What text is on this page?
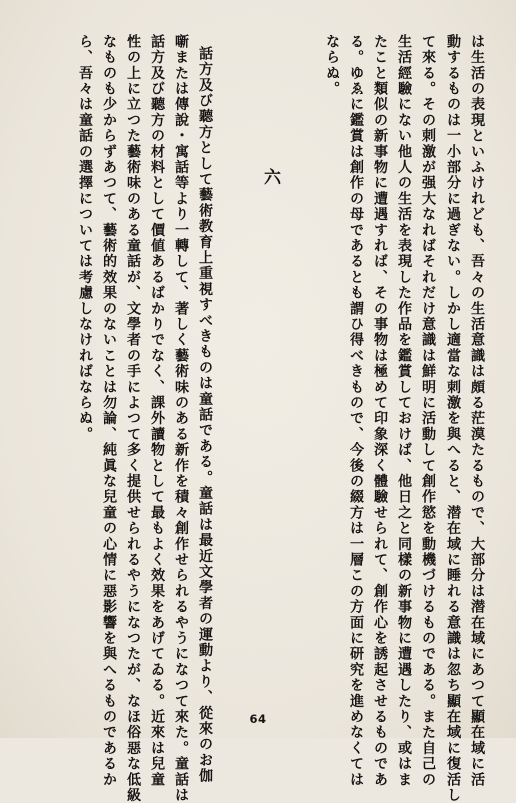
は生活の表現といふけれども、吾々の生活意識は頗る茫漠たるもので、大部分は潜在域にあつて顯在域に活
動するものは一小部分に過ぎない。しかし適當な刺激を與へると、潜在域に睡れる意識は忽ち顯在域に復活し
て來る。その刺激が强大なればそれだけ意識は鮮明に活動して創作慾を動機づけるものである。また自己の
生活經驗にない他人の生活を表現した作品を鑑賞しておけば、他日之と同樣の新事物に遭遇したり、或はま
たこと類似の新事物に遭遇すれば、その事物は極めて印象深く體驗せられて、創作心を誘起させるものであ
る。ゆゑに鑑賞は創作の母であるとも謂ひ得べきもので、今後の綴方は一層この方面に研究を進めなくては
ならぬ。
六
話方及び聽方として藝術教育上重視すべきものは童話である。童話は最近文學者の運動より、從來のお伽
噺または傳說・寓話等より一轉して、著しく藝術味のある新作を積々創作せられるやうになつて來た。童話は
話方及び聽方の材料として價値あるばかりでなく、課外讀物として最もよく效果をあげてゐる。近來は兒童
性の上に立つた藝術味のある童話が、文學者の手によつて多く提供せられるやうになつたが、なほ俗惡な低級
なものも少からずあつて、藝術的效果のないことは勿論、純眞な兒童の心情に惡影響を與へるものであるか
ら、吾々は童話の選擇については考慮しなければならぬ。
64
